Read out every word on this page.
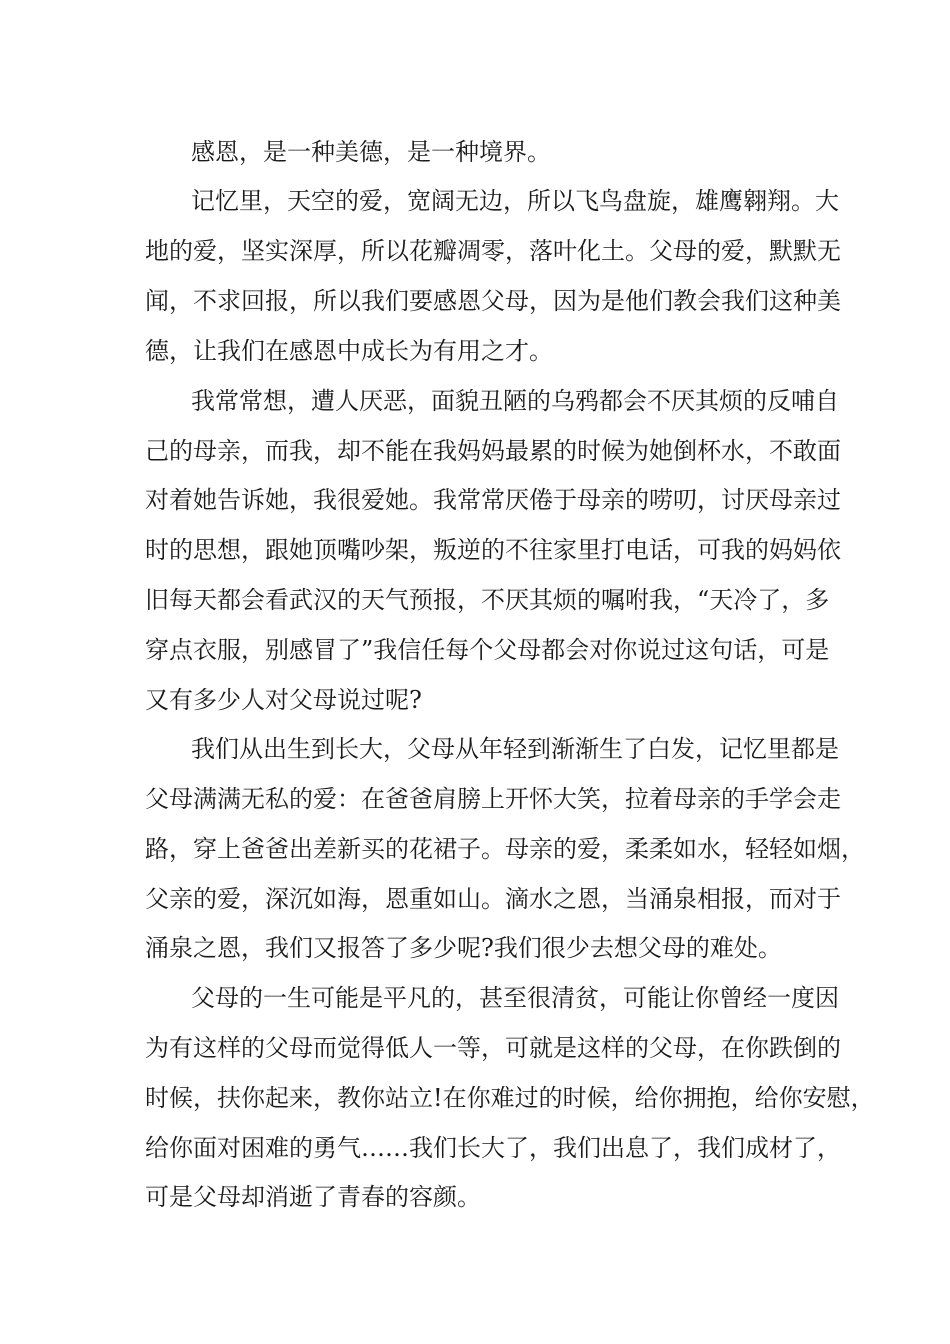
感恩，是一种美德，是一种境界。
记忆里，天空的爱，宽阔无边，所以飞鸟盘旋，雄鹰翱翔。大
地的爱，坚实深厚，所以花瓣凋零，落叶化土。父母的爱，默默无
闻，不求回报，所以我们要感恩父母，因为是他们教会我们这种美
德，让我们在感恩中成长为有用之才。
我常常想，遭人厌恶，面貌丑陋的乌鸦都会不厌其烦的反哺自
己的母亲，而我，却不能在我妈妈最累的时候为她倒杯水，不敢面
对着她告诉她，我很爱她。我常常厌倦于母亲的唠叨，讨厌母亲过
时的思想，跟她顶嘴吵架，叛逆的不往家里打电话，可我的妈妈依
旧每天都会看武汉的天气预报，不厌其烦的嘱咐我，“天冷了，多
穿点衣服，别感冒了”我信任每个父母都会对你说过这句话，可是
又有多少人对父母说过呢?
我们从出生到长大，父母从年轻到渐渐生了白发，记忆里都是
父母满满无私的爱：在爸爸肩膀上开怀大笑，拉着母亲的手学会走
路，穿上爸爸出差新买的花裙子。母亲的爱，柔柔如水，轻轻如烟，
父亲的爱，深沉如海，恩重如山。滴水之恩，当涌泉相报，而对于
涌泉之恩，我们又报答了多少呢?我们很少去想父母的难处。
父母的一生可能是平凡的，甚至很清贫，可能让你曾经一度因
为有这样的父母而觉得低人一等，可就是这样的父母，在你跌倒的
时候，扶你起来，教你站立!在你难过的时候，给你拥抱，给你安慰，
给你面对困难的勇气……我们长大了，我们出息了，我们成材了，
可是父母却消逝了青春的容颜。
